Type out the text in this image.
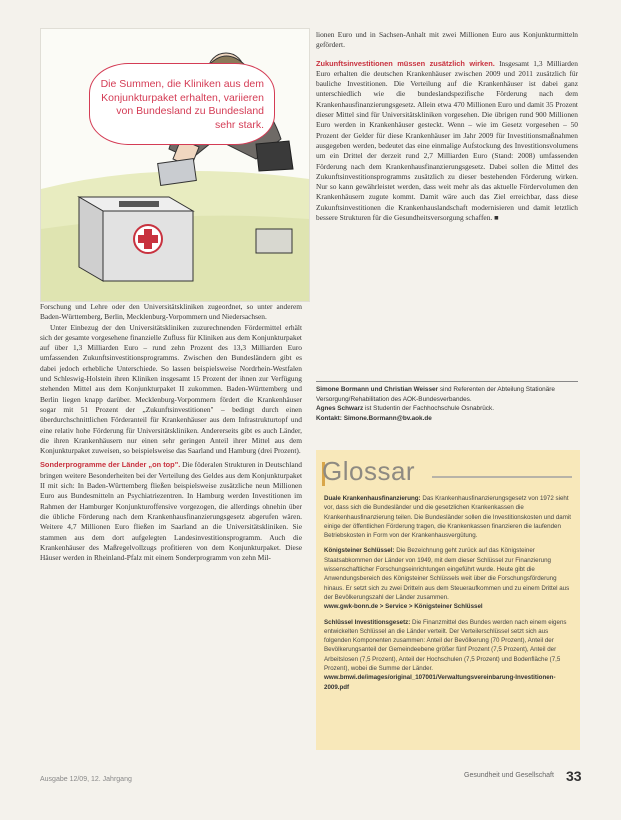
Die Summen, die Kliniken aus dem Konjunkturpaket erhalten, variieren von Bundesland zu Bundesland sehr stark.

Forschung und Lehre oder den Universitätskliniken zugeordnet, so unter anderem Baden-Württemberg, Berlin, Mecklenburg-Vorpommern und Niedersachsen.

Unter Einbezug der den Universitätskliniken zuzurechnenden Fördermittel erhält sich der gesamte vorgesehene finanzielle Zufluss für Kliniken aus dem Konjunkturpaket auf über 1,3 Milliarden Euro – rund zehn Prozent des 13,3 Milliarden Euro umfassenden Zukunftsinvestitionsprogramms. Zwischen den Bundesländern gibt es dabei jedoch erhebliche Unterschiede. So lassen beispielsweise Nordrhein-Westfalen und Schleswig-Holstein ihren Kliniken insgesamt 15 Prozent der ihnen zur Verfügung stehenden Mittel aus dem Konjunkturpaket II zukommen. Baden-Württemberg und Berlin liegen knapp darüber. Mecklenburg-Vorpommern fördert die Krankenhäuser sogar mit 51 Prozent der „Zukunftsinvestitionen" – bedingt durch einen überdurchschnittlichen Förderanteil für Krankenhäuser aus dem Infrastrukturtopf und eine relativ hohe Förderung für Universitätskliniken. Andererseits gibt es auch Länder, die ihren Krankenhäusern nur einen sehr geringen Anteil ihrer Mittel aus dem Konjunkturpaket zuweisen, so beispielsweise das Saarland und Hamburg (drei Prozent).

Sonderprogramme der Länder „on top". Die föderalen Strukturen in Deutschland bringen weitere Besonderheiten bei der Verteilung des Geldes aus dem Konjunkturpaket II mit sich: In Baden-Württemberg fließen beispielsweise zusätzliche neun Millionen Euro aus Bundesmitteln an Psychiatriezentren. In Hamburg werden Investitionen im Rahmen der Hamburger Konjunkturoffensive vorgezogen, die allerdings ohnehin über die übliche Förderung nach dem Krankenhausfinanzierungsgesetz abgerufen wären. Weitere 4,7 Millionen Euro fließen im Saarland an die Universitätskliniken. Sie stammen aus dem dort aufgelegten Landesinvestitionsprogramm. Auch die Krankenhäuser des Maßregelvollzugs profitieren von dem Konjunkturpaket. Diese Häuser werden in Rheinland-Pfalz mit einem Sonderprogramm von zehn Mil-

lionen Euro und in Sachsen-Anhalt mit zwei Millionen Euro aus Konjunkturmitteln gefördert.

Zukunftsinvestitionen müssen zusätzlich wirken. Insgesamt 1,3 Milliarden Euro erhalten die deutschen Krankenhäuser zwischen 2009 und 2011 zusätzlich für bauliche Investitionen. Die Verteilung auf die Krankenhäuser ist dabei ganz unterschiedlich wie die bundeslandspezifische Förderung nach dem Krankenhausfinanzierungsgesetz. Allein etwa 470 Millionen Euro und damit 35 Prozent dieser Mittel sind für Universitätskliniken vorgesehen. Die übrigen rund 900 Millionen Euro werden in Krankenhäuser gesteckt. Wenn – wie im Gesetz vorgesehen – 50 Prozent der Gelder für diese Krankenhäuser im Jahr 2009 für Investitionsmaßnahmen ausgegeben werden, bedeutet das eine einmalige Aufstockung des Investitionsvolumens um ein Drittel der derzeit rund 2,7 Milliarden Euro (Stand: 2008) umfassenden Förderung nach dem Krankenhausfinanzierungsgesetz. Dabei sollen die Mittel des Zukunftsinvestitionsprogramms zusätzlich zu dieser bestehenden Förderung wirken. Nur so kann gewährleistet werden, dass weit mehr als das aktuelle Fördervolumen den Krankenhäusern zugute kommt. Damit wäre auch das Ziel erreichbar, dass diese Zukunftsinvestitionen die Krankenhauslandschaft modernisieren und damit letztlich bessere Strukturen für die Gesundheitsversorgung schaffen. ■

Simone Bormann und Christian Weisser sind Referenten der Abteilung Stationäre Versorgung/Rehabilitation des AOK-Bundesverbandes.
Agnes Schwarz ist Studentin der Fachhochschule Osnabrück.
Kontakt: Simone.Bormann@bv.aok.de
Glossar

Duale Krankenhausfinanzierung: Das Krankenhausfinanzierungsgesetz von 1972 sieht vor, dass sich die Bundesländer und die gesetzlichen Krankenkassen die Krankenhausfinanzierung teilen. Die Bundesländer sollen die Investitionskosten und damit einige der öffentlichen Förderung tragen, die Krankenkassen finanzieren die laufenden Betriebskosten in Form von der Krankenhausvergütung.

Königsteiner Schlüssel: Die Bezeichnung geht zurück auf das Königsteiner Staatsabkommen der Länder von 1949, mit dem dieser Schlüssel zur Finanzierung wissenschaftlicher Forschungseinrichtungen eingeführt wurde. Heute gibt die Anwendungsbereich des Königsteiner Schlüssels weit über die Forschungsförderung hinaus. Er setzt sich zu zwei Dritteln aus dem Steueraufkommen und zu einem Drittel aus der Bevölkerungszahl der Länder zusammen.
www.gwk-bonn.de > Service > Königsteiner Schlüssel

Schlüssel Investitionsgesetz: Die Finanzmittel des Bundes werden nach einem eigens entwickelten Schlüssel an die Länder verteilt. Der Verteilerschlüssel setzt sich aus folgenden Komponenten zusammen: Anteil der Bevölkerung (70 Prozent), Anteil der Bevölkerungsanteil der Gemeindeebene größer fünf Prozent (7,5 Prozent), Anteil der Arbeitslosen (7,5 Prozent), Anteil der Hochschulen (7,5 Prozent) und Bodenfläche (7,5 Prozent), wobei die Summe der Länder.
www.bmwi.de/images/original_107001/Verwaltungsvereinbarung-Investitionen-2009.pdf

Ausgabe 12/09, 12. Jahrgang
Gesundheit und Gesellschaft 33
